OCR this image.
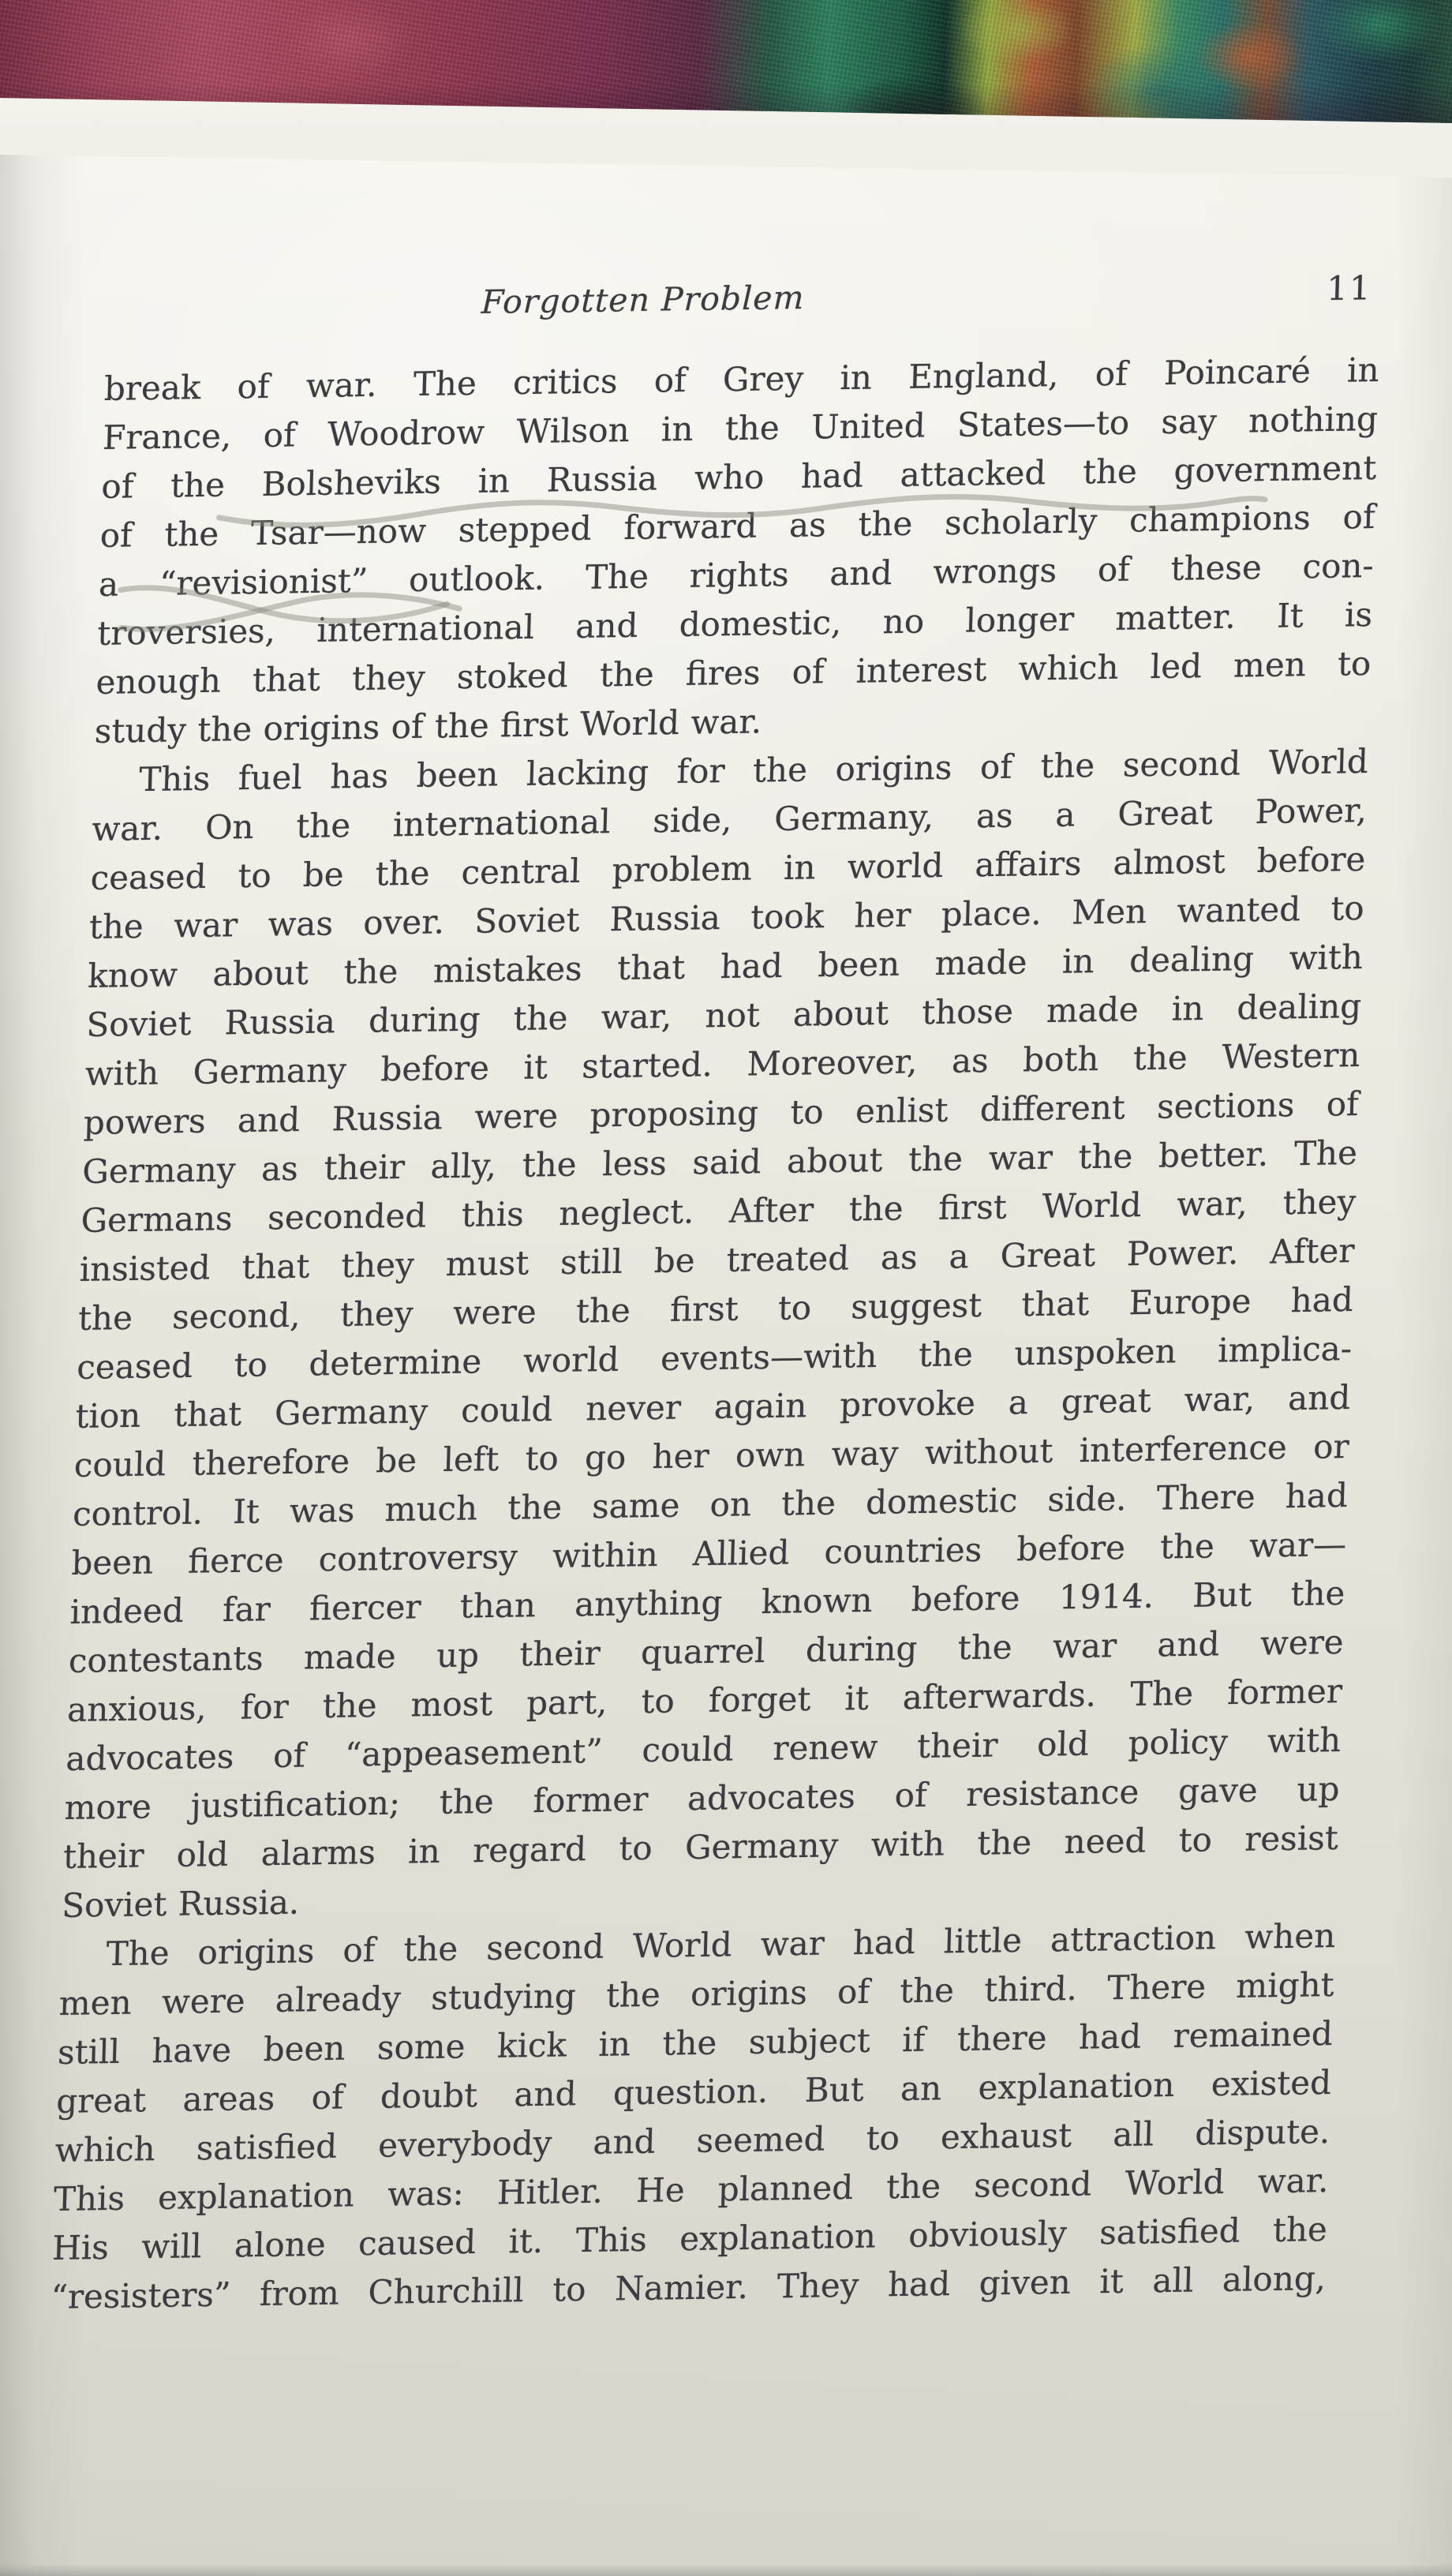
Forgotten Problem	11
break of war. The critics of Grey in England, of Poincaré in
France, of Woodrow Wilson in the United States—to say nothing
of the Bolsheviks in Russia who had attacked the government
of the Tsar—now stepped forward as the scholarly champions of
a “revisionist” outlook. The rights and wrongs of these con-
troversies, international and domestic, no longer matter. It is
enough that they stoked the fires of interest which led men to
study the origins of the first World war.
This fuel has been lacking for the origins of the second World
war. On the international side, Germany, as a Great Power,
ceased to be the central problem in world affairs almost before
the war was over. Soviet Russia took her place. Men wanted to
know about the mistakes that had been made in dealing with
Soviet Russia during the war, not about those made in dealing
with Germany before it started. Moreover, as both the Western
powers and Russia were proposing to enlist different sections of
Germany as their ally, the less said about the war the better. The
Germans seconded this neglect. After the first World war, they
insisted that they must still be treated as a Great Power. After
the second, they were the first to suggest that Europe had
ceased to determine world events—with the unspoken implica-
tion that Germany could never again provoke a great war, and
could therefore be left to go her own way without interference or
control. It was much the same on the domestic side. There had
been fierce controversy within Allied countries before the war—
indeed far fiercer than anything known before 1914. But the
contestants made up their quarrel during the war and were
anxious, for the most part, to forget it afterwards. The former
advocates of “appeasement” could renew their old policy with
more justification; the former advocates of resistance gave up
their old alarms in regard to Germany with the need to resist
Soviet Russia.
The origins of the second World war had little attraction when
men were already studying the origins of the third. There might
still have been some kick in the subject if there had remained
great areas of doubt and question. But an explanation existed
which satisfied everybody and seemed to exhaust all dispute.
This explanation was: Hitler. He planned the second World war.
His will alone caused it. This explanation obviously satisfied the
“resisters” from Churchill to Namier. They had given it all along,
